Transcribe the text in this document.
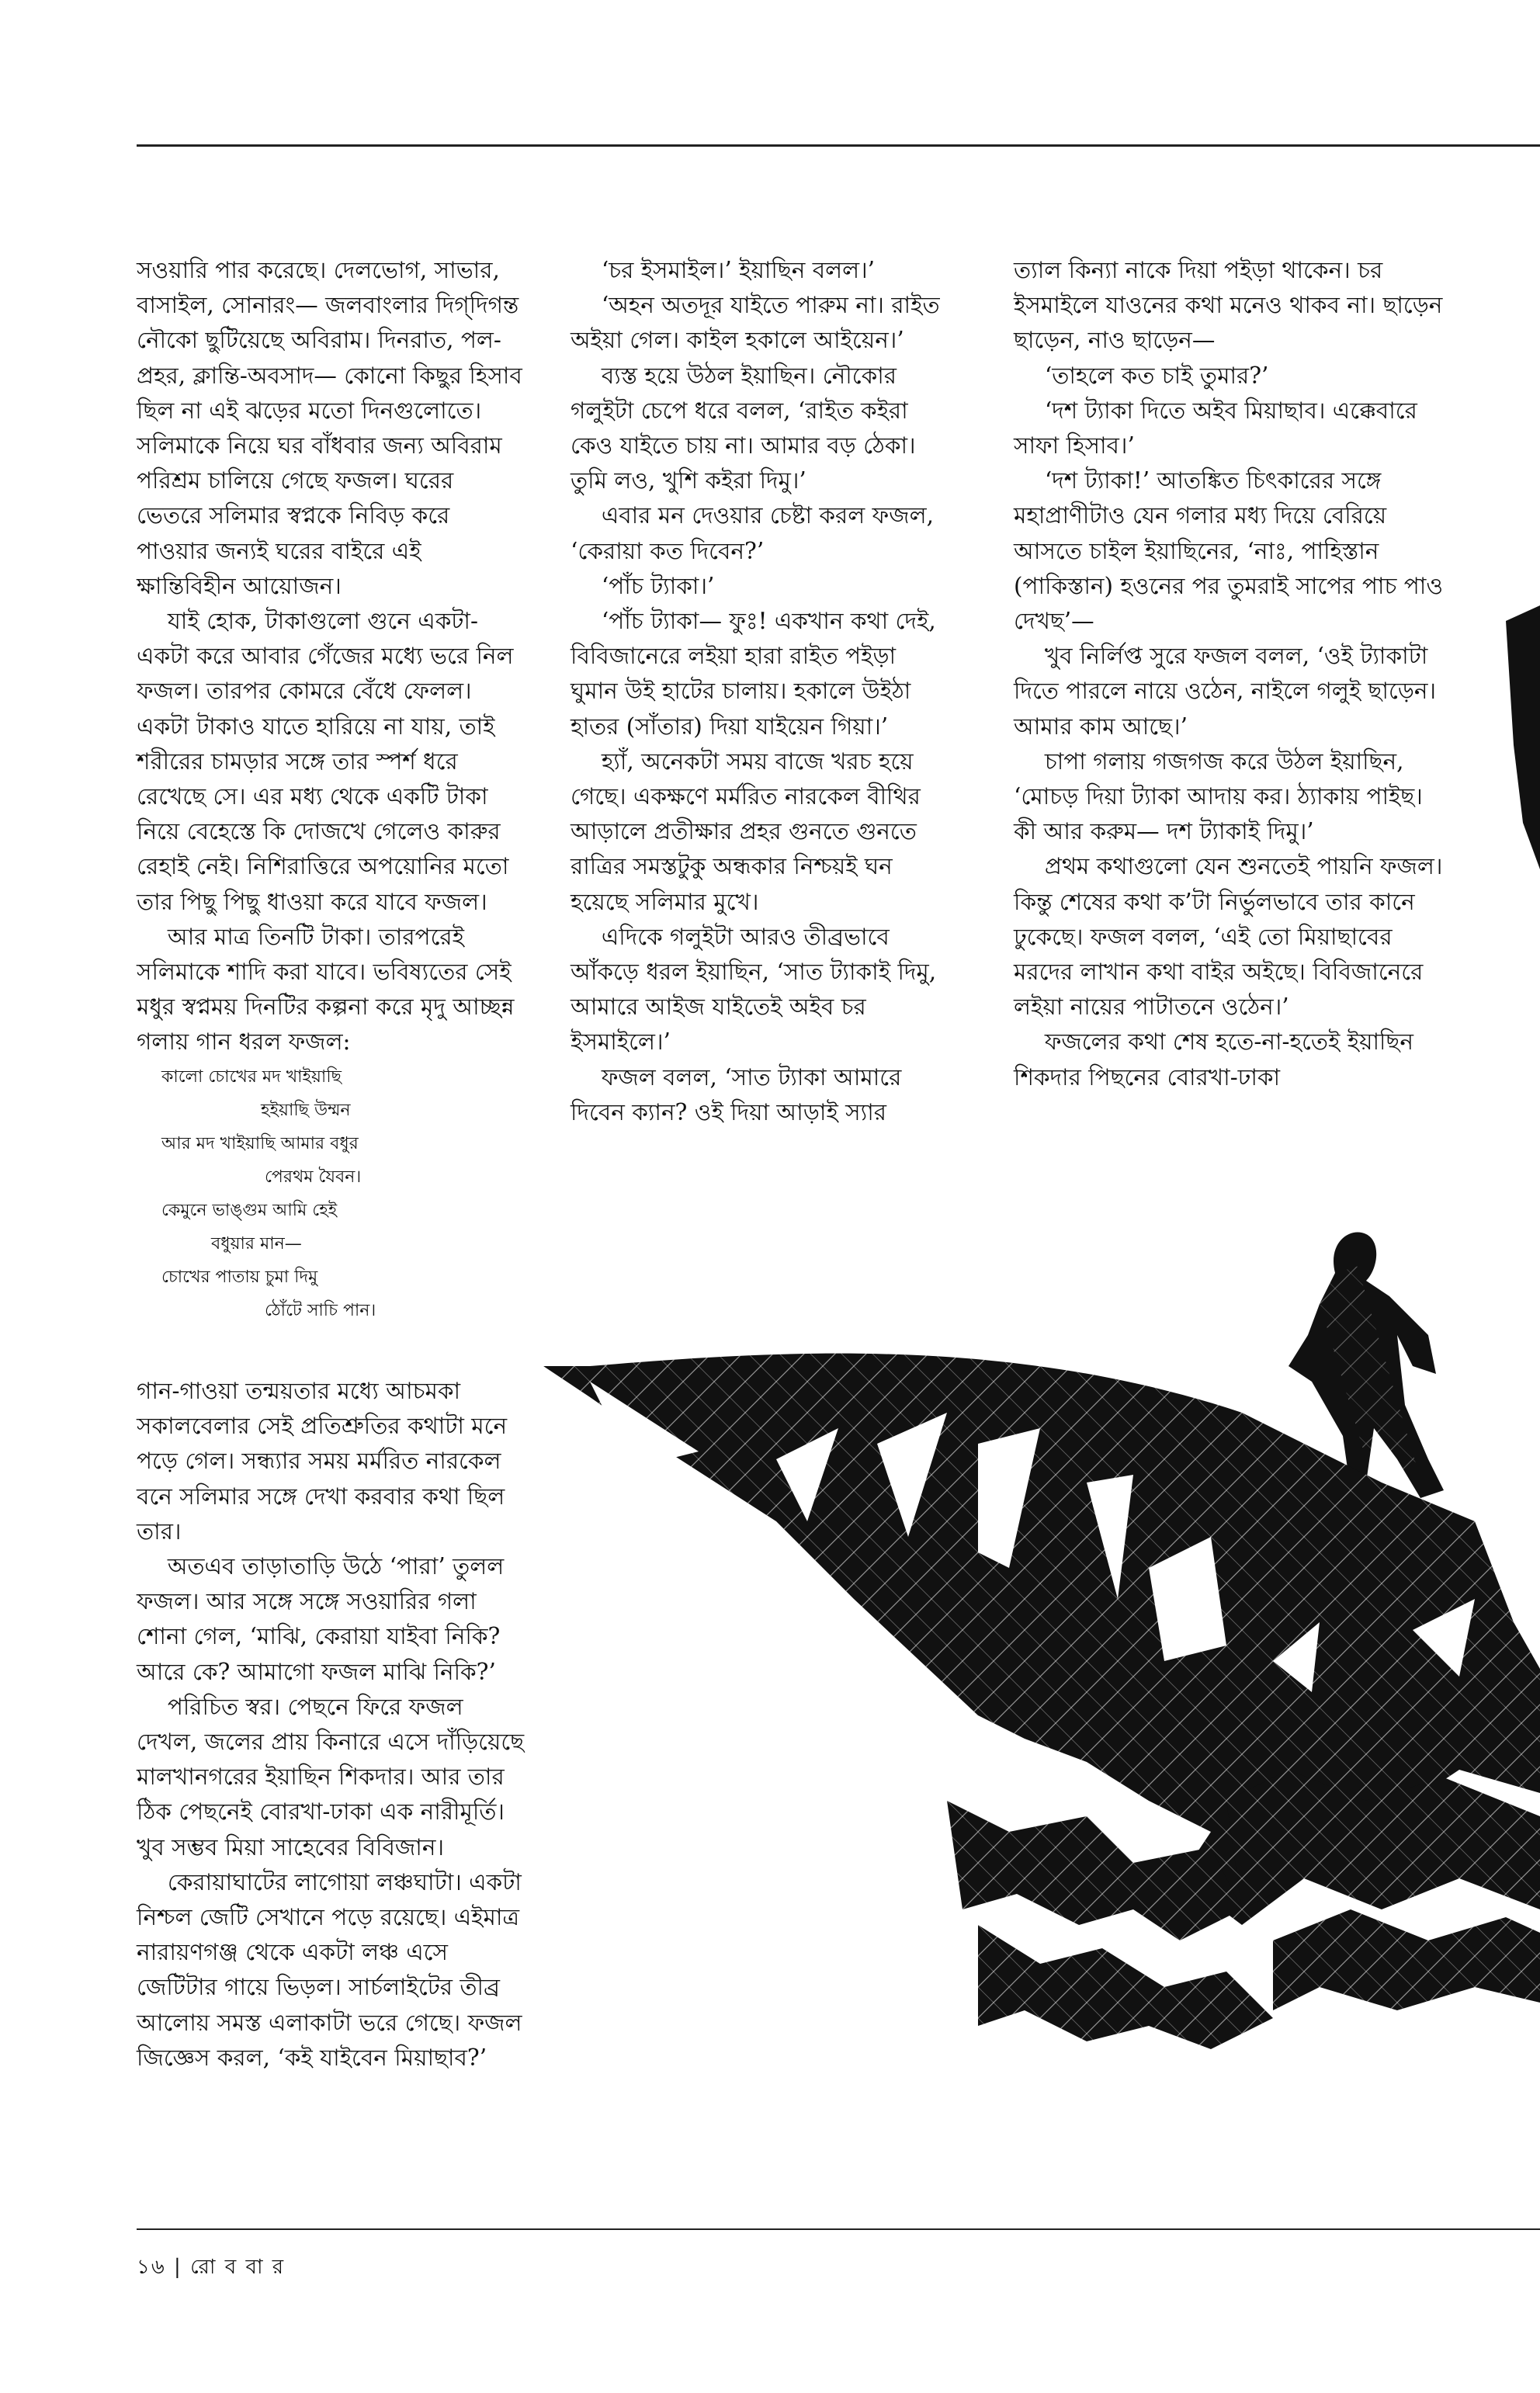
সওয়ারি পার করেছে। দেলভোগ, সাভার, বাসাইল, সোনারং— জলবাংলার দিগ্‌দিগন্ত নৌকো ছুটিয়েছে অবিরাম। দিনরাত, পল-প্রহর, ক্লান্তি-অবসাদ— কোনো কিছুর হিসাব ছিল না এই ঝড়ের মতো দিনগুলোতে। সলিমাকে নিয়ে ঘর বাঁধবার জন্য অবিরাম পরিশ্রম চালিয়ে গেছে ফজল। ঘরের ভেতরে সলিমার স্বপ্নকে নিবিড় করে পাওয়ার জন্যই ঘরের বাইরে এই ক্ষান্তিবিহীন আয়োজন।

যাই হোক, টাকাগুলো গুনে একটা-একটা করে আবার গেঁজের মধ্যে ভরে নিল ফজল। তারপর কোমরে বেঁধে ফেলল। একটা টাকাও যাতে হারিয়ে না যায়, তাই শরীরের চামড়ার সঙ্গে তার স্পর্শ ধরে রেখেছে সে। এর মধ্য থেকে একটি টাকা নিয়ে বেহেস্তে কি দোজখে গেলেও কারুর রেহাই নেই। নিশিরাত্তিরে অপয়োনির মতো তার পিছু পিছু ধাওয়া করে যাবে ফজল।

আর মাত্র তিনটি টাকা। তারপরেই সলিমাকে শাদি করা যাবে। ভবিষ্যতের সেই মধুর স্বপ্নময় দিনটির কল্পনা করে মৃদু আচ্ছন্ন গলায় গান ধরল ফজল:

কালো চোখের মদ খাইয়াছি
হইয়াছি উম্মন
আর মদ খাইয়াছি আমার বধুর
পেরথম যৈবন।
কেমুনে ভাঙ্গুম আমি হেই
বধুয়ার মান—
চোখের পাতায় চুমা দিমু
ঠোঁটে সাচি পান।

গান-গাওয়া তন্ময়তার মধ্যে আচমকা সকালবেলার সেই প্রতিশ্রুতির কথাটা মনে পড়ে গেল। সন্ধ্যার সময় মর্মরিত নারকেল বনে সলিমার সঙ্গে দেখা করবার কথা ছিল তার।

অতএব তাড়াতাড়ি উঠে ‘পারা’ তুলল ফজল। আর সঙ্গে সঙ্গে সওয়ারির গলা শোনা গেল, ‘মাঝি, কেরায়া যাইবা নিকি? আরে কে? আমাগো ফজল মাঝি নিকি?’

পরিচিত স্বর। পেছনে ফিরে ফজল দেখল, জলের প্রায় কিনারে এসে দাঁড়িয়েছে মালখানগরের ইয়াছিন শিকদার। আর তার ঠিক পেছনেই বোরখা-ঢাকা এক নারীমূর্তি। খুব সম্ভব মিয়া সাহেবের বিবিজান।

কেরায়াঘাটের লাগোয়া লঞ্চঘাটা। একটা নিশ্চল জেটি সেখানে পড়ে রয়েছে। এইমাত্র নারায়ণগঞ্জ থেকে একটা লঞ্চ এসে জেটিটার গায়ে ভিড়ল। সার্চলাইটের তীব্র আলোয় সমস্ত এলাকাটা ভরে গেছে। ফজল জিজ্ঞেস করল, ‘কই যাইবেন মিয়াছাব?’

‘চর ইসমাইল।’ ইয়াছিন বলল।’

‘অহন অতদূর যাইতে পারুম না। রাইত অইয়া গেল। কাইল হকালে আইয়েন।’

ব্যস্ত হয়ে উঠল ইয়াছিন। নৌকোর গলুইটা চেপে ধরে বলল, ‘রাইত কইরা কেও যাইতে চায় না। আমার বড় ঠেকা। তুমি লও, খুশি কইরা দিমু।’

এবার মন দেওয়ার চেষ্টা করল ফজল, ‘কেরায়া কত দিবেন?’

‘পাঁচ ট্যাকা।’

‘পাঁচ ট্যাকা— ফুঃ! একখান কথা দেই, বিবিজানেরে লইয়া হারা রাইত পইড়া ঘুমান উই হাটের চালায়। হকালে উইঠা হাতর (সাঁতার) দিয়া যাইয়েন গিয়া।’

হ্যাঁ, অনেকটা সময় বাজে খরচ হয়ে গেছে। একক্ষণে মর্মরিত নারকেল বীথির আড়ালে প্রতীক্ষার প্রহর গুনতে গুনতে রাত্রির সমস্তটুকু অন্ধকার নিশ্চয়ই ঘন হয়েছে সলিমার মুখে।

এদিকে গলুইটা আরও তীব্রভাবে আঁকড়ে ধরল ইয়াছিন, ‘সাত ট্যাকাই দিমু, আমারে আইজ যাইতেই অইব চর ইসমাইলে।’

ফজল বলল, ‘সাত ট্যাকা আমারে দিবেন ক্যান? ওই দিয়া আড়াই স্যার

ত্যাল কিন্যা নাকে দিয়া পইড়া থাকেন। চর ইসমাইলে যাওনের কথা মনেও থাকব না। ছাড়েন ছাড়েন, নাও ছাড়েন—

‘তাহলে কত চাই তুমার?’

‘দশ ট্যাকা দিতে অইব মিয়াছাব। এক্কেবারে সাফা হিসাব।’

‘দশ ট্যাকা!’ আতঙ্কিত চিৎকারের সঙ্গে মহাপ্রাণীটাও যেন গলার মধ্য দিয়ে বেরিয়ে আসতে চাইল ইয়াছিনের, ‘নাঃ, পাহিস্তান (পাকিস্তান) হওনের পর তুমরাই সাপের পাচ পাও দেখছ’—

খুব নির্লিপ্ত সুরে ফজল বলল, ‘ওই ট্যাকাটা দিতে পারলে নায়ে ওঠেন, নাইলে গলুই ছাড়েন। আমার কাম আছে।’

চাপা গলায় গজগজ করে উঠল ইয়াছিন, ‘মোচড় দিয়া ট্যাকা আদায় কর। ঠ্যাকায় পাইছ। কী আর করুম— দশ ট্যাকাই দিমু।’

প্রথম কথাগুলো যেন শুনতেই পায়নি ফজল। কিন্তু শেষের কথা ক’টা নির্ভুলভাবে তার কানে ঢুকেছে। ফজল বলল, ‘এই তো মিয়াছাবের মরদের লাখান কথা বাইর অইছে। বিবিজানেরে লইয়া নায়ের পাটাতনে ওঠেন।’

ফজলের কথা শেষ হতে-না-হতেই ইয়াছিন শিকদার পিছনের বোরখা-ঢাকা

১৬ | রো ব বা র
